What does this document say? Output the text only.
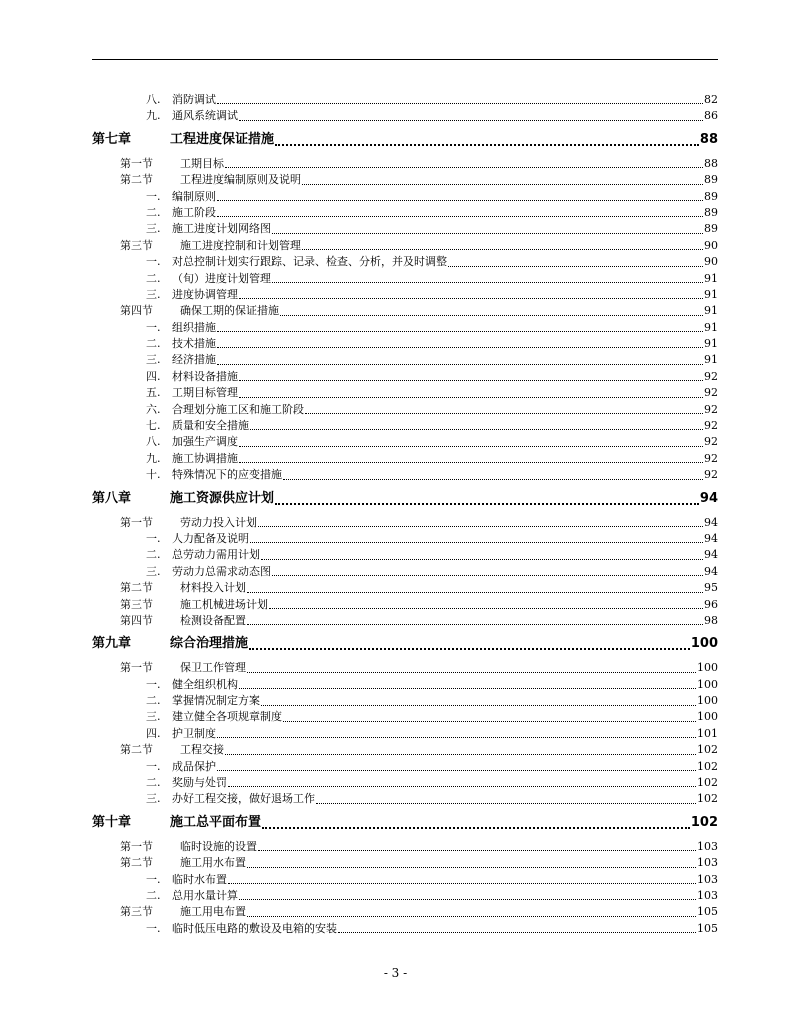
八.	消防调试	82
九.	通风系统调试	86
第七章	工程进度保证措施	88
第一节	工期目标	88
第二节	工程进度编制原则及说明	89
一.	编制原则	89
二.	施工阶段	89
三.	施工进度计划网络图	89
第三节	施工进度控制和计划管理	90
一.	对总控制计划实行跟踪、记录、检查、分析，并及时调整	90
二.	（旬）进度计划管理	91
三.	进度协调管理	91
第四节	确保工期的保证措施	91
一.	组织措施	91
二.	技术措施	91
三.	经济措施	91
四.	材料设备措施	92
五.	工期目标管理	92
六.	合理划分施工区和施工阶段	92
七.	质量和安全措施	92
八.	加强生产调度	92
九.	施工协调措施	92
十.	特殊情况下的应变措施	92
第八章	施工资源供应计划	94
第一节	劳动力投入计划	94
一.	人力配备及说明	94
二.	总劳动力需用计划	94
三.	劳动力总需求动态图	94
第二节	材料投入计划	95
第三节	施工机械进场计划	96
第四节	检测设备配置	98
第九章	综合治理措施	100
第一节	保卫工作管理	100
一.	健全组织机构	100
二.	掌握情况制定方案	100
三.	建立健全各项规章制度	100
四.	护卫制度	101
第二节	工程交接	102
一.	成品保护	102
二.	奖励与处罚	102
三.	办好工程交接，做好退场工作	102
第十章	施工总平面布置	102
第一节	临时设施的设置	103
第二节	施工用水布置	103
一.	临时水布置	103
二.	总用水量计算	103
第三节	施工用电布置	105
一.	临时低压电路的敷设及电箱的安装	105
- 3 -
